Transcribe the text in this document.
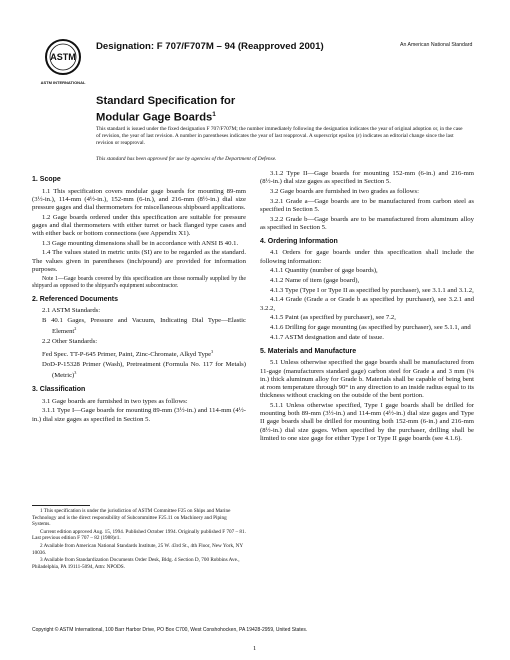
ASTM
ASTM INTERNATIONAL
Designation: F 707/F707M – 94 (Reapproved 2001)	An American National Standard
Standard Specification for
Modular Gage Boards$^1$
This standard is issued under the fixed designation F 707/F707M; the number immediately following the designation indicates the year of original adoption or, in the case of revision, the year of last revision. A number in parentheses indicates the year of last reapproval. A superscript epsilon (ε) indicates an editorial change since the last revision or reapproval.
This standard has been approved for use by agencies of the Department of Defense.
1. Scope

1.1 This specification covers modular gage boards for mounting 89-mm (3½-in.), 114-mm (4½-in.), 152-mm (6-in.), and 216-mm (8½-in.) dial size pressure gages and dial thermometers for miscellaneous shipboard applications.

1.2 Gage boards ordered under this specification are suitable for pressure gages and dial thermometers with either turret or back flanged type cases and with either back or bottom connections (see Appendix X1).

1.3 Gage mounting dimensions shall be in accordance with ANSI B 40.1.

1.4 The values stated in metric units (SI) are to be regarded as the standard. The values given in parentheses (inch/pound) are provided for information purposes.

Note 1—Gage boards covered by this specification are those normally supplied by the shipyard as opposed to the shipyard's equipment subcontractor.

2. Referenced Documents

2.1 ASTM Standards:

B 40.1 Gages, Pressure and Vacuum, Indicating Dial Type—Elastic Element$^2$

2.2 Other Standards:

Fed Spec. TT-P-645 Primer, Paint, Zinc-Chromate, Alkyd Type$^3$

DoD-P-15328 Primer (Wash), Pretreatment (Formula No. 117 for Metals) (Metric)$^3$

3. Classification

3.1 Gage boards are furnished in two types as follows:

3.1.1 Type I—Gage boards for mounting 89-mm (3½-in.) and 114-mm (4½-in.) dial size gages as specified in Section 5.

1 This specification is under the jurisdiction of ASTM Committee F25 on Ships and Marine Technology and is the direct responsibility of Subcommittee F25.11 on Machinery and Piping Systems.

Current edition approved Aug. 15, 1994. Published October 1994. Originally published F 707 – 81. Last previous edition F 707 – 82 (1988)ε1.

2 Available from American National Standards Institute, 25 W. 43rd St., 4th Floor, New York, NY 10036.

3 Available from Standardization Documents Order Desk, Bldg. 4 Section D, 700 Robbins Ave., Philadelphia, PA 19111-5094, Attn: NPODS.

3.1.2 Type II—Gage boards for mounting 152-mm (6-in.) and 216-mm (8½-in.) dial size gages as specified in Section 5.

3.2 Gage boards are furnished in two grades as follows:

3.2.1 Grade a—Gage boards are to be manufactured from carbon steel as specified in Section 5.

3.2.2 Grade b—Gage boards are to be manufactured from aluminum alloy as specified in Section 5.

4. Ordering Information

4.1 Orders for gage boards under this specification shall include the following information:

4.1.1 Quantity (number of gage boards),

4.1.2 Name of item (gage board),

4.1.3 Type (Type I or Type II as specified by purchaser), see 3.1.1 and 3.1.2,

4.1.4 Grade (Grade a or Grade b as specified by purchaser), see 3.2.1 and 3.2.2,

4.1.5 Paint (as specified by purchaser), see 7.2,

4.1.6 Drilling for gage mounting (as specified by purchaser), see 5.1.1, and

4.1.7 ASTM designation and date of issue.

5. Materials and Manufacture

5.1 Unless otherwise specified the gage boards shall be manufactured from 11-gage (manufacturers standard gage) carbon steel for Grade a and 3 mm (⅛ in.) thick aluminum alloy for Grade b. Materials shall be capable of being bent at room temperature through 90° in any direction to an inside radius equal to its thickness without cracking on the outside of the bent portion.

5.1.1 Unless otherwise specified, Type I gage boards shall be drilled for mounting both 89-mm (3½-in.) and 114-mm (4½-in.) dial size gages and Type II gage boards shall be drilled for mounting both 152-mm (6-in.) and 216-mm (8½-in.) dial size gages. When specified by the purchaser, drilling shall be limited to one size gage for either Type I or Type II gage boards (see 4.1.6).

Copyright © ASTM International, 100 Barr Harbor Drive, PO Box C700, West Conshohocken, PA 19428-2959, United States.
1
